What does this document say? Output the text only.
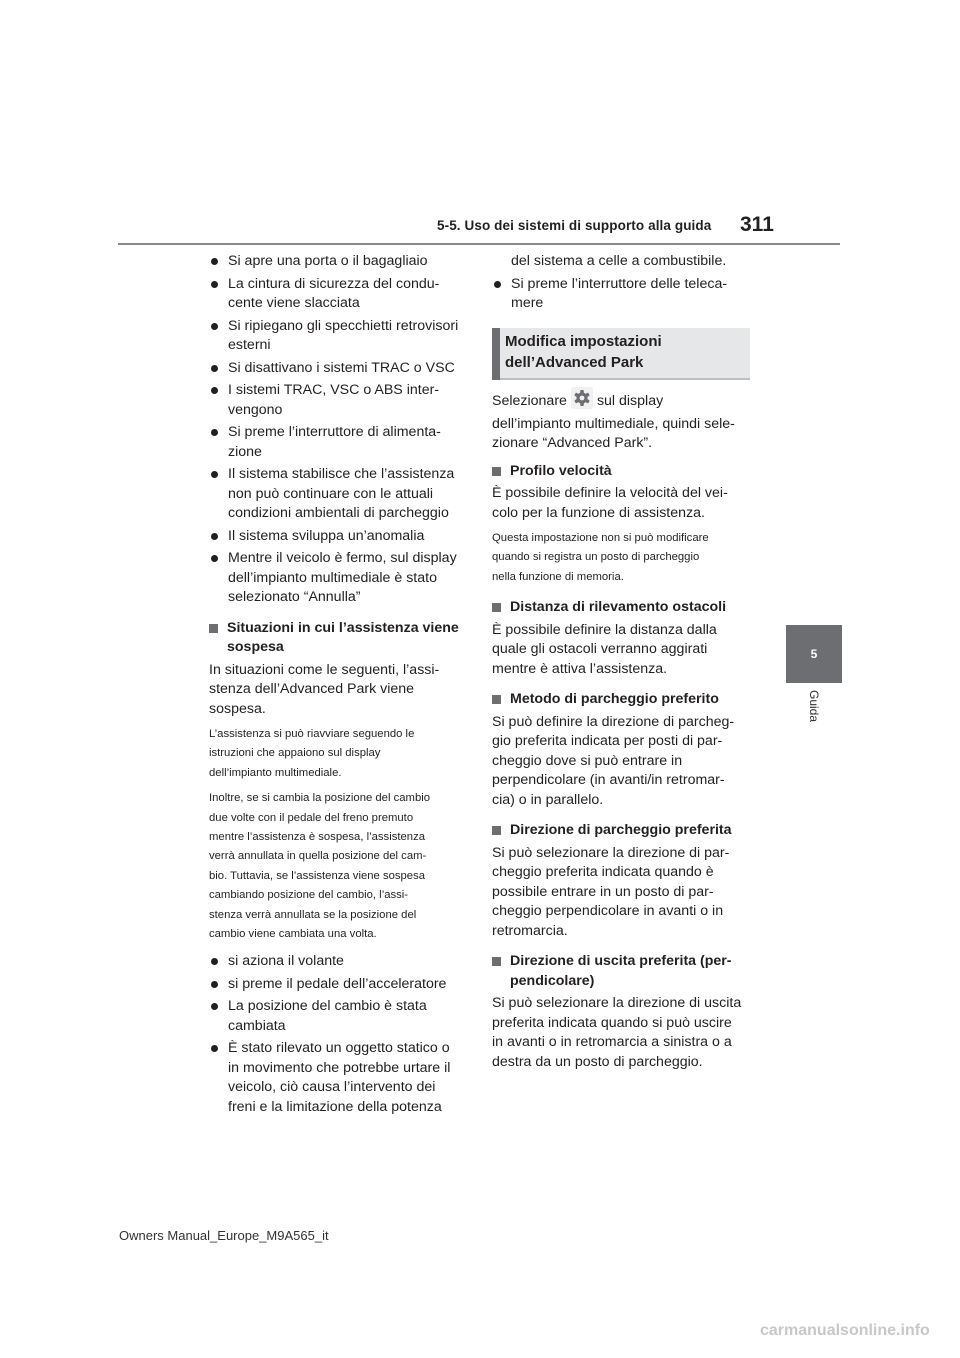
5-5. Uso dei sistemi di supporto alla guida 311
5
Guida
Si apre una porta o il bagagliaio
La cintura di sicurezza del condu-
cente viene slacciata
Si ripiegano gli specchietti retrovisori
esterni
Si disattivano i sistemi TRAC o VSC
I sistemi TRAC, VSC o ABS inter-
vengono
Si preme l’interruttore di alimenta-
zione
Il sistema stabilisce che l’assistenza
non può continuare con le attuali
condizioni ambientali di parcheggio
Il sistema sviluppa un’anomalia
Mentre il veicolo è fermo, sul display
dell’impianto multimediale è stato
selezionato “Annulla”
Situazioni in cui l’assistenza viene
sospesa
In situazioni come le seguenti, l’assi-
stenza dell’Advanced Park viene
sospesa.
L’assistenza si può riavviare seguendo le
istruzioni che appaiono sul display
dell’impianto multimediale.
Inoltre, se si cambia la posizione del cambio
due volte con il pedale del freno premuto
mentre l’assistenza è sospesa, l’assistenza
verrà annullata in quella posizione del cam-
bio. Tuttavia, se l’assistenza viene sospesa
cambiando posizione del cambio, l’assi-
stenza verrà annullata se la posizione del
cambio viene cambiata una volta.
si aziona il volante
si preme il pedale dell’acceleratore
La posizione del cambio è stata
cambiata
È stato rilevato un oggetto statico o
in movimento che potrebbe urtare il
veicolo, ciò causa l’intervento dei
freni e la limitazione della potenza
del sistema a celle a combustibile.
Si preme l’interruttore delle teleca-
mere
Modifica impostazioni
dell’Advanced Park
Selezionare sul display
dell’impianto multimediale, quindi sele-
zionare “Advanced Park”.
Profilo velocità
È possibile definire la velocità del vei-
colo per la funzione di assistenza.
Questa impostazione non si può modificare
quando si registra un posto di parcheggio
nella funzione di memoria.
Distanza di rilevamento ostacoli
È possibile definire la distanza dalla
quale gli ostacoli verranno aggirati
mentre è attiva l’assistenza.
Metodo di parcheggio preferito
Si può definire la direzione di parcheg-
gio preferita indicata per posti di par-
cheggio dove si può entrare in
perpendicolare (in avanti/in retromar-
cia) o in parallelo.
Direzione di parcheggio preferita
Si può selezionare la direzione di par-
cheggio preferita indicata quando è
possibile entrare in un posto di par-
cheggio perpendicolare in avanti o in
retromarcia.
Direzione di uscita preferita (per-
pendicolare)
Si può selezionare la direzione di uscita
preferita indicata quando si può uscire
in avanti o in retromarcia a sinistra o a
destra da un posto di parcheggio.
Owners Manual_Europe_M9A565_it
carmanualsonline.info
